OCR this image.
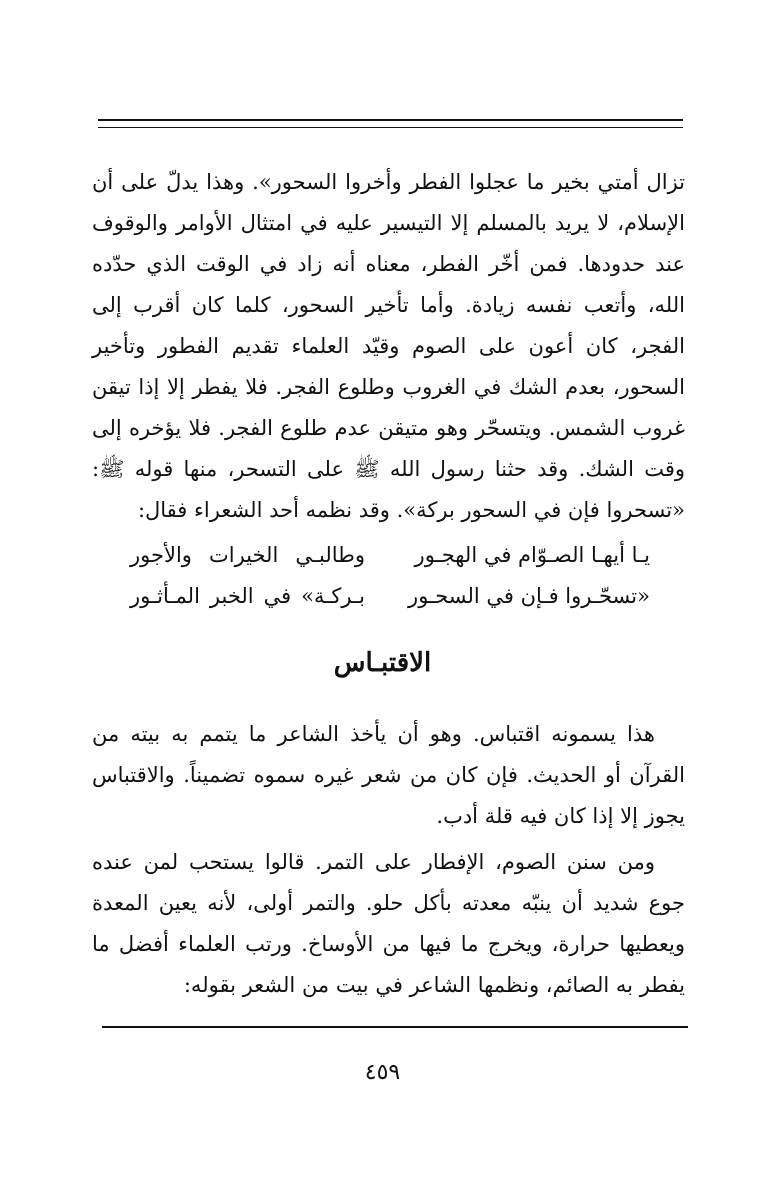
تزال أمتي بخير ما عجلوا الفطر وأخروا السحور». وهذا يدلّ على أن الإسلام، لا يريد بالمسلم إلا التيسير عليه في امتثال الأوامر والوقوف عند حدودها. فمن أخّر الفطر، معناه أنه زاد في الوقت الذي حدّده الله، وأتعب نفسه زيادة. وأما تأخير السحور، كلما كان أقرب إلى الفجر، كان أعون على الصوم وقيّد العلماء تقديم الفطور وتأخير السحور، بعدم الشك في الغروب وطلوع الفجر. فلا يفطر إلا إذا تيقن غروب الشمس. ويتسحّر وهو متيقن عدم طلوع الفجر. فلا يؤخره إلى وقت الشك. وقد حثنا رسول الله ﷺ على التسحر، منها قوله ﷺ: «تسحروا فإن في السحور بركة». وقد نظمه أحد الشعراء فقال:

يـا أيهـا الصـوّام في الهجـور
وطالبـي الخيرات والأجور
«تسحّـروا فـإن في السحـور
بـركـة» في الخبر المـأثـور
الاقتبـاس

هذا يسمونه اقتباس. وهو أن يأخذ الشاعر ما يتمم به بيته من القرآن أو الحديث. فإن كان من شعر غيره سموه تضميناً. والاقتباس يجوز إلا إذا كان فيه قلة أدب.

ومن سنن الصوم، الإفطار على التمر. قالوا يستحب لمن عنده جوع شديد أن ينبّه معدته بأكل حلو. والتمر أولى، لأنه يعين المعدة ويعطيها حرارة، ويخرج ما فيها من الأوساخ. ورتب العلماء أفضل ما يفطر به الصائم، ونظمها الشاعر في بيت من الشعر بقوله:

٤٥٩
